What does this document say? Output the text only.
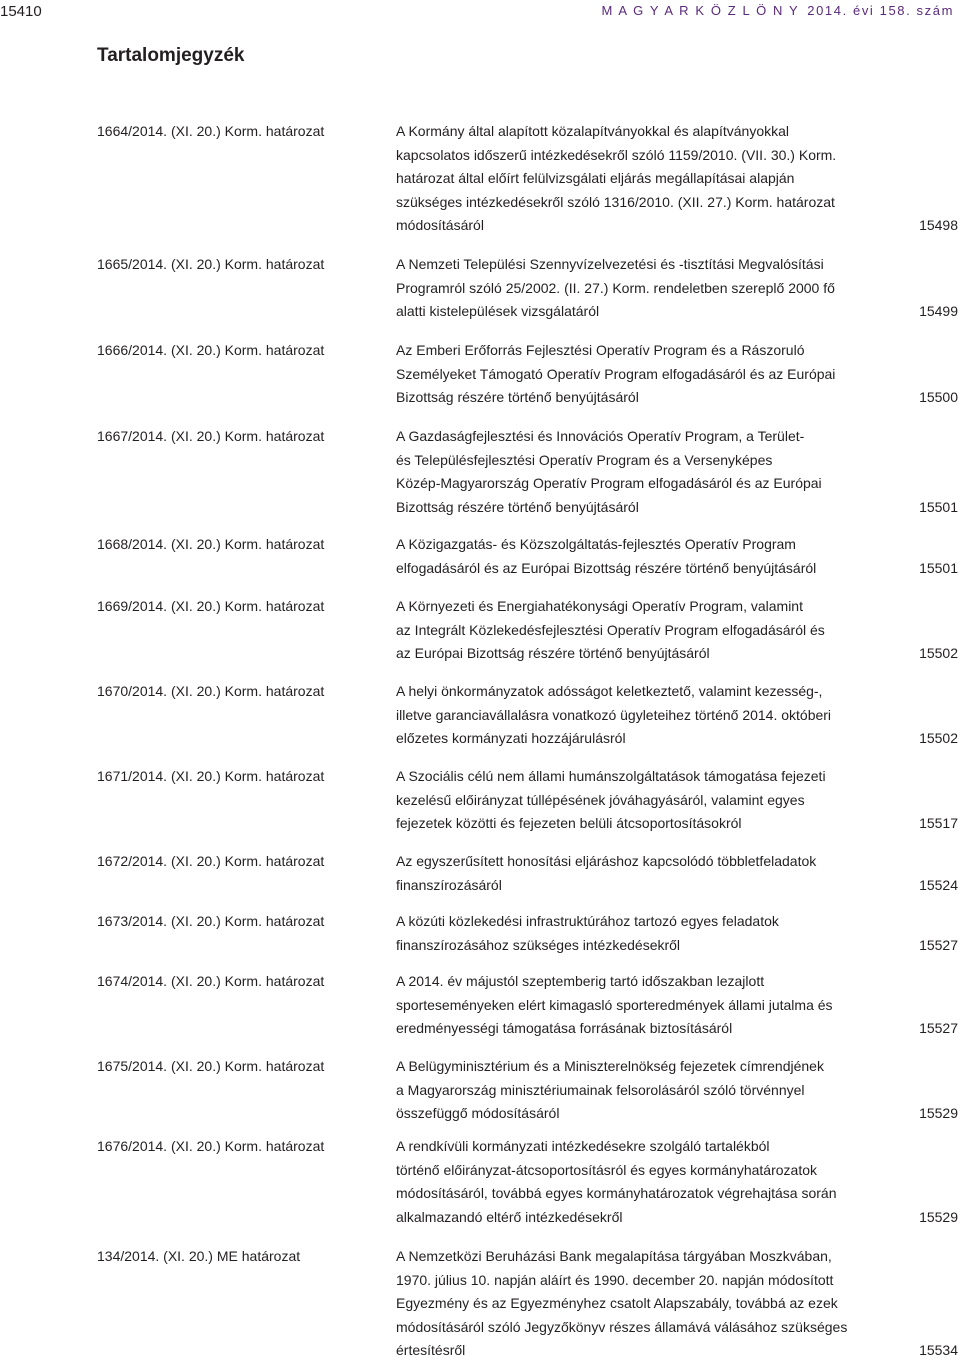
15410	M A G Y A R K Ö Z L Ö N Y 2014. évi 158. szám
Tartalomjegyzék
1664/2014. (XI. 20.) Korm. határozat	A Kormány által alapított közalapítványokkal és alapítványokkal
kapcsolatos időszerű intézkedésekről szóló 1159/2010. (VII. 30.) Korm.
határozat által előírt felülvizsgálati eljárás megállapításai alapján
szükséges intézkedésekről szóló 1316/2010. (XII. 27.) Korm. határozat
módosításáról	15498
1665/2014. (XI. 20.) Korm. határozat	A Nemzeti Települési Szennyvízelvezetési és -tisztítási Megvalósítási
Programról szóló 25/2002. (II. 27.) Korm. rendeletben szereplő 2000 fő
alatti kistelepülések vizsgálatáról	15499
1666/2014. (XI. 20.) Korm. határozat	Az Emberi Erőforrás Fejlesztési Operatív Program és a Rászoruló
Személyeket Támogató Operatív Program elfogadásáról és az Európai
Bizottság részére történő benyújtásáról	15500
1667/2014. (XI. 20.) Korm. határozat	A Gazdaságfejlesztési és Innovációs Operatív Program, a Terület-
és Településfejlesztési Operatív Program és a Versenyképes
Közép-Magyarország Operatív Program elfogadásáról és az Európai
Bizottság részére történő benyújtásáról	15501
1668/2014. (XI. 20.) Korm. határozat	A Közigazgatás- és Közszolgáltatás-fejlesztés Operatív Program
elfogadásáról és az Európai Bizottság részére történő benyújtásáról	15501
1669/2014. (XI. 20.) Korm. határozat	A Környezeti és Energiahatékonysági Operatív Program, valamint
az Integrált Közlekedésfejlesztési Operatív Program elfogadásáról és
az Európai Bizottság részére történő benyújtásáról	15502
1670/2014. (XI. 20.) Korm. határozat	A helyi önkormányzatok adósságot keletkeztető, valamint kezesség-,
illetve garanciavállalásra vonatkozó ügyleteihez történő 2014. októberi
előzetes kormányzati hozzájárulásról	15502
1671/2014. (XI. 20.) Korm. határozat	A Szociális célú nem állami humánszolgáltatások támogatása fejezeti
kezelésű előirányzat túllépésének jóváhagyásáról, valamint egyes
fejezetek közötti és fejezeten belüli átcsoportosításokról	15517
1672/2014. (XI. 20.) Korm. határozat	Az egyszerűsített honosítási eljáráshoz kapcsolódó többletfeladatok
finanszírozásáról	15524
1673/2014. (XI. 20.) Korm. határozat	A közúti közlekedési infrastruktúrához tartozó egyes feladatok
finanszírozásához szükséges intézkedésekről	15527
1674/2014. (XI. 20.) Korm. határozat	A 2014. év májustól szeptemberig tartó időszakban lezajlott
sporteseményeken elért kimagasló sporteredmények állami jutalma és
eredményességi támogatása forrásának biztosításáról	15527
1675/2014. (XI. 20.) Korm. határozat	A Belügyminisztérium és a Miniszterelnökség fejezetek címrendjének
a Magyarország minisztériumainak felsorolásáról szóló törvénnyel
összefüggő módosításáról	15529
1676/2014. (XI. 20.) Korm. határozat	A rendkívüli kormányzati intézkedésekre szolgáló tartalékból
történő előirányzat-átcsoportosításról és egyes kormányhatározatok
módosításáról, továbbá egyes kormányhatározatok végrehajtása során
alkalmazandó eltérő intézkedésekről	15529
134/2014. (XI. 20.) ME határozat	A Nemzetközi Beruházási Bank megalapítása tárgyában Moszkvában,
1970. július 10. napján aláírt és 1990. december 20. napján módosított
Egyezmény és az Egyezményhez csatolt Alapszabály, továbbá az ezek
módosításáról szóló Jegyzőkönyv részes államává válásához szükséges
értesítésről	15534
